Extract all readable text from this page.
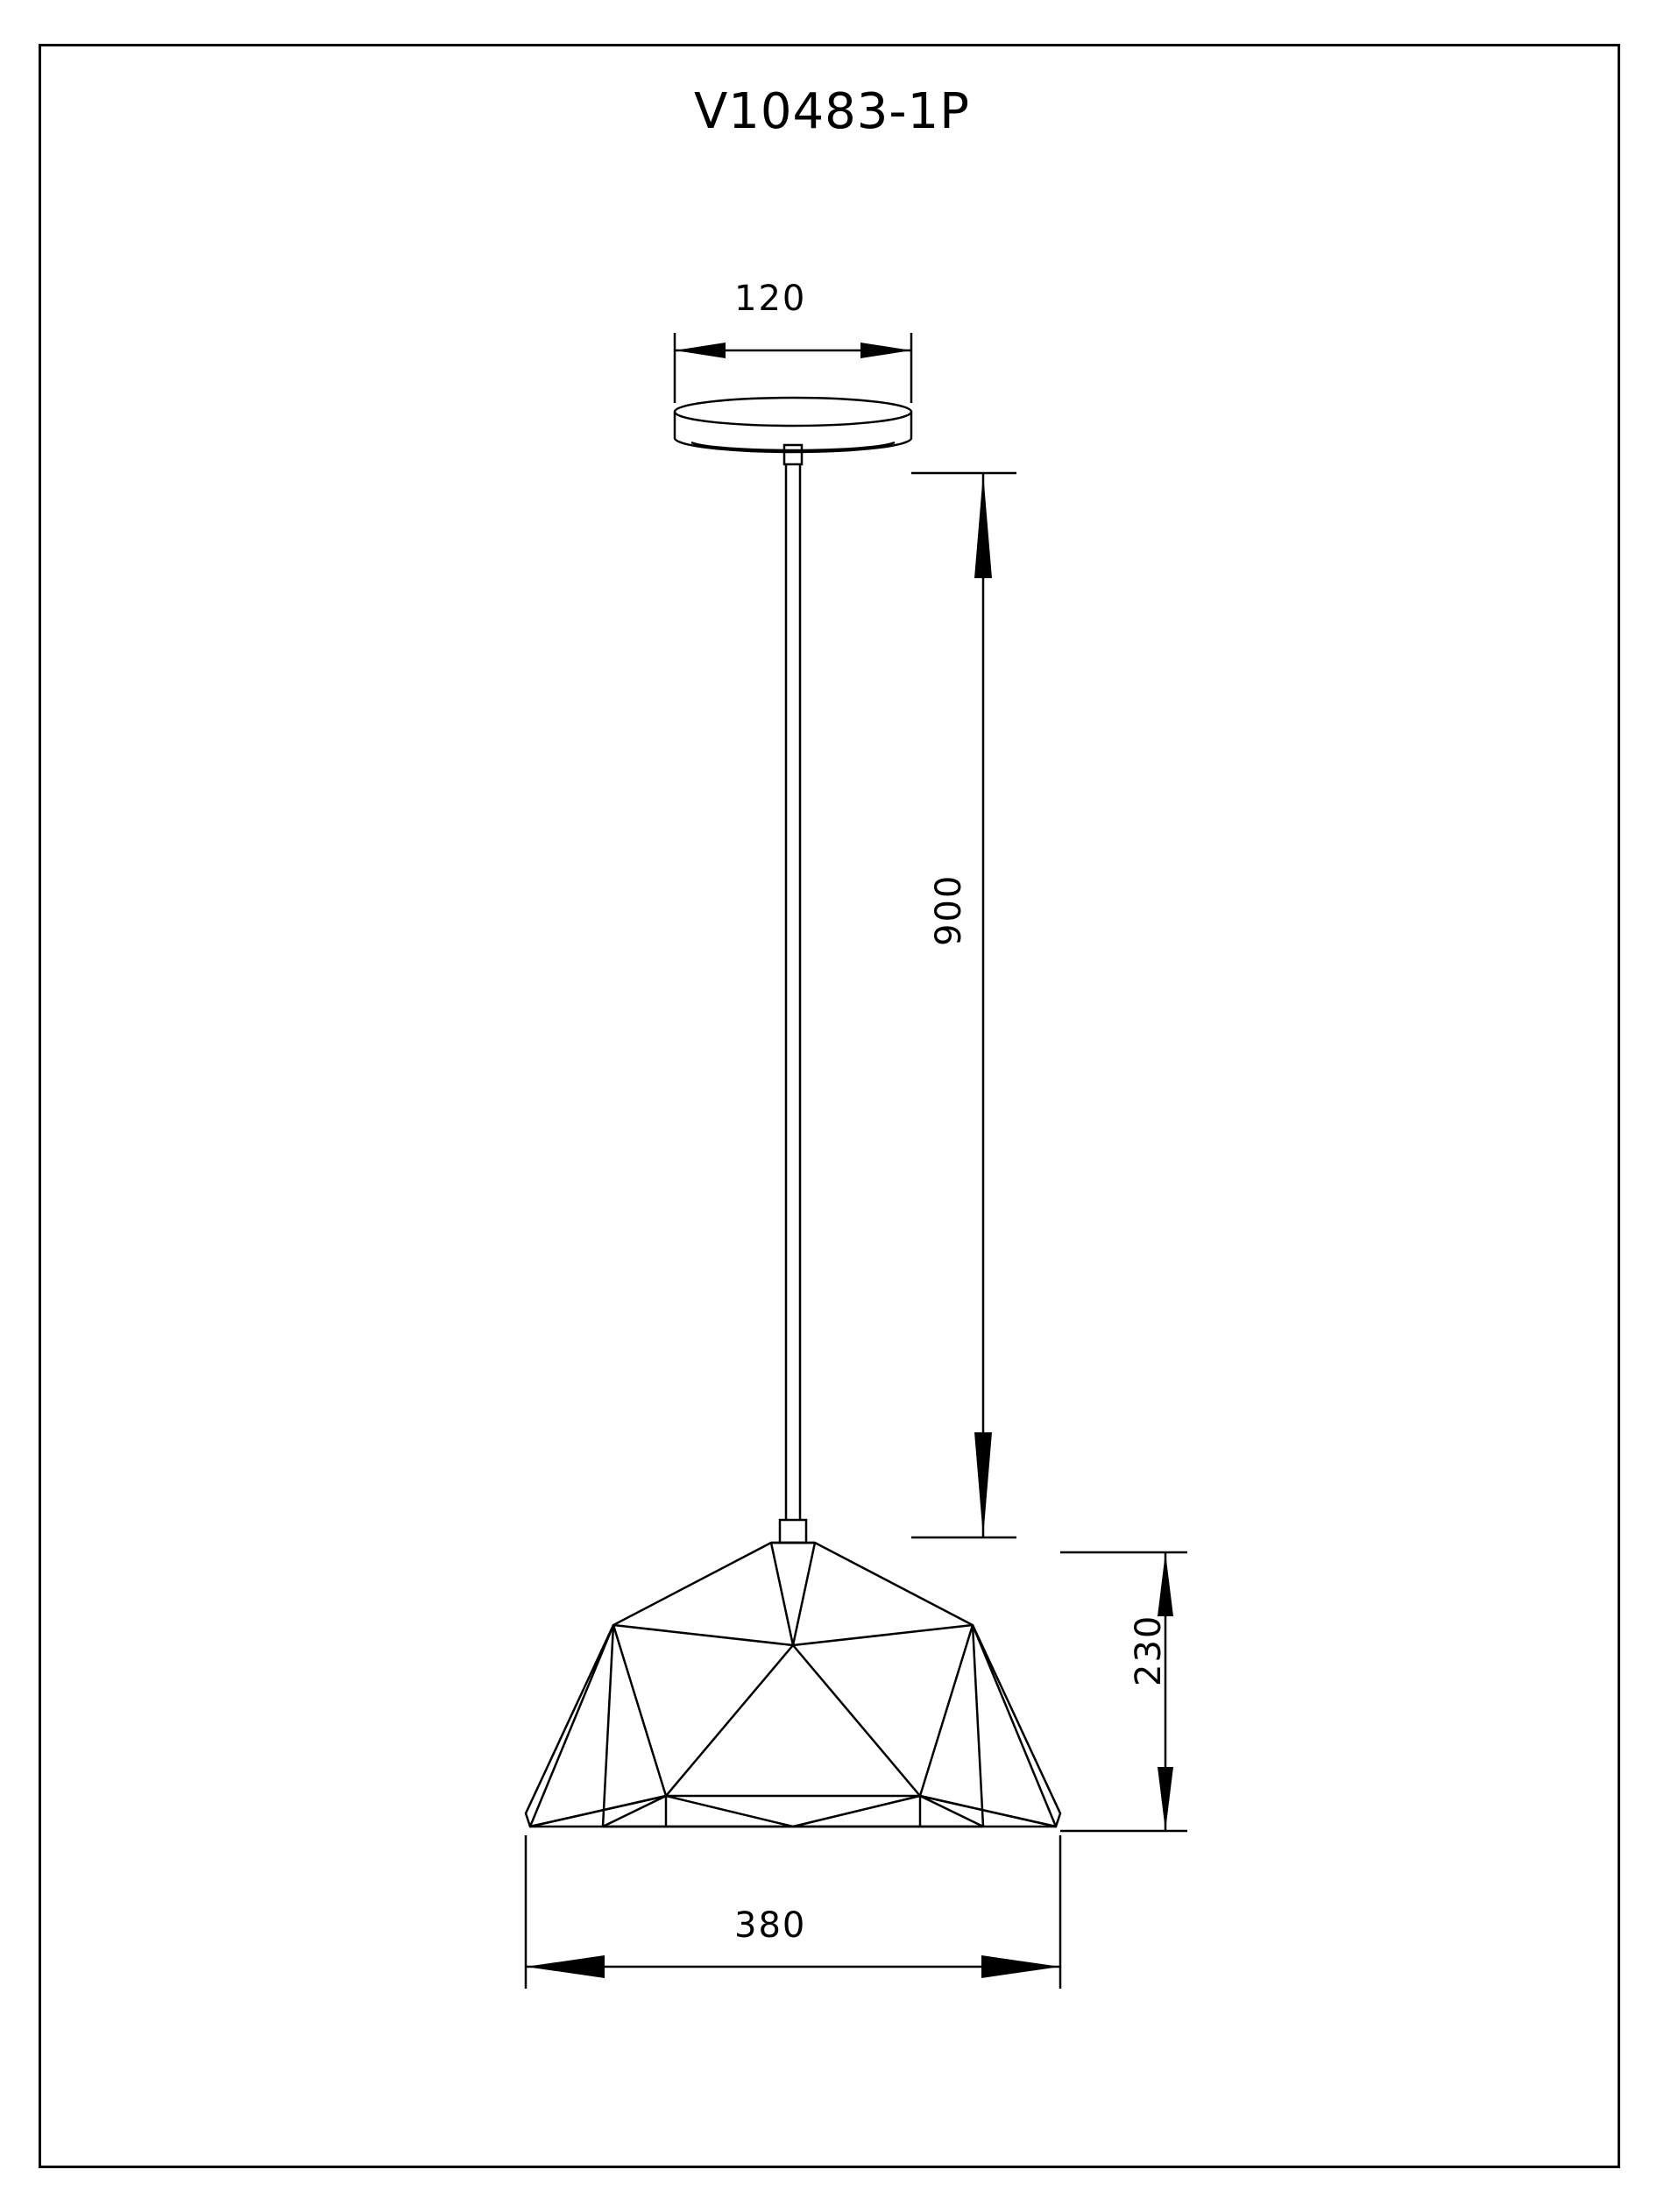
V10483-1P
120
900
230
380
